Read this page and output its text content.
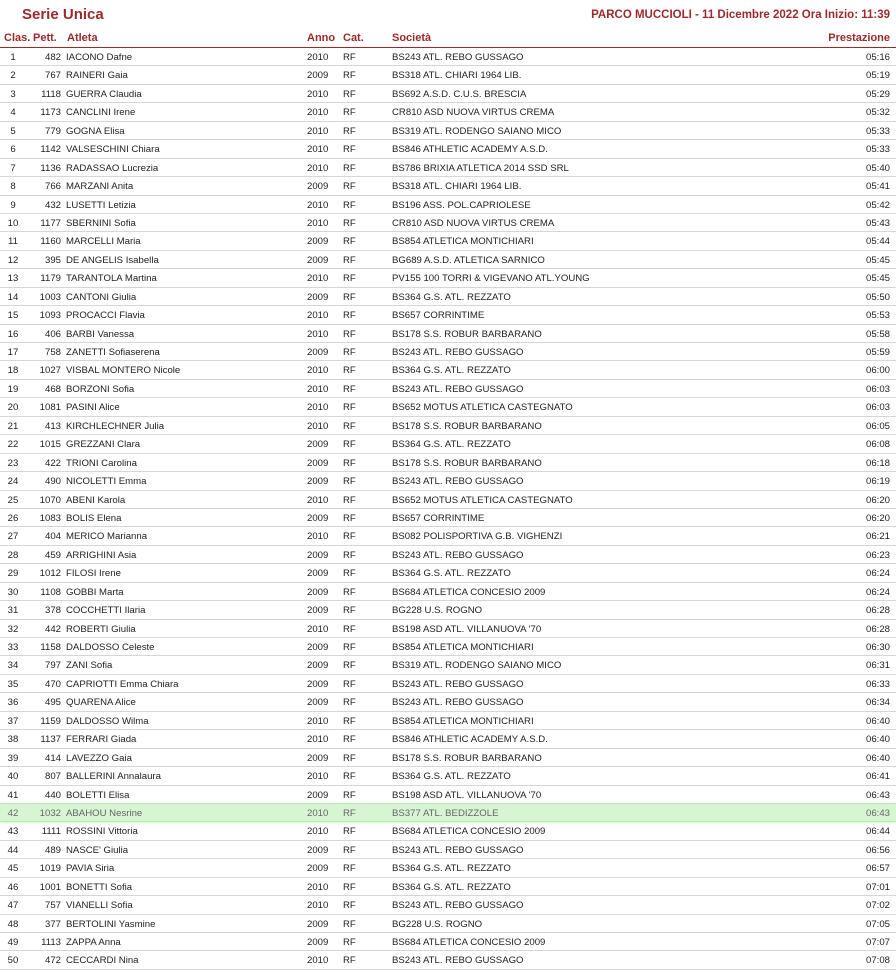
Serie Unica	PARCO MUCCIOLI - 11 Dicembre 2022 Ora Inizio: 11:39
Clas. Pett. Atleta	Anno Cat.	Società	Prestazione
1	482 IACONO Dafne	2010 RF	BS243 ATL. REBO GUSSAGO	05:16
2	767 RAINERI Gaia	2009 RF	BS318 ATL. CHIARI 1964 LIB.	05:19
3	1118 GUERRA Claudia	2010 RF	BS692 A.S.D. C.U.S. BRESCIA	05:29
4	1173 CANCLINI Irene	2010 RF	CR810 ASD NUOVA VIRTUS CREMA	05:32
5	779 GOGNA Elisa	2010 RF	BS319 ATL. RODENGO SAIANO MICO	05:33
6	1142 VALSESCHINI Chiara	2010 RF	BS846 ATHLETIC ACADEMY A.S.D.	05:33
7	1136 RADASSAO Lucrezia	2010 RF	BS786 BRIXIA ATLETICA 2014 SSD SRL	05:40
8	766 MARZANI Anita	2009 RF	BS318 ATL. CHIARI 1964 LIB.	05:41
9	432 LUSETTI Letizia	2010 RF	BS196 ASS. POL.CAPRIOLESE	05:42
10	1177 SBERNINI Sofia	2010 RF	CR810 ASD NUOVA VIRTUS CREMA	05:43
11	1160 MARCELLI Maria	2009 RF	BS854 ATLETICA MONTICHIARI	05:44
12	395 DE ANGELIS Isabella	2009 RF	BG689 A.S.D. ATLETICA SARNICO	05:45
13	1179 TARANTOLA Martina	2010 RF	PV155 100 TORRI & VIGEVANO ATL.YOUNG	05:45
14	1003 CANTONI Giulia	2009 RF	BS364 G.S. ATL. REZZATO	05:50
15	1093 PROCACCI Flavia	2010 RF	BS657 CORRINTIME	05:53
16	406 BARBI Vanessa	2010 RF	BS178 S.S. ROBUR BARBARANO	05:58
17	758 ZANETTI Sofiaserena	2009 RF	BS243 ATL. REBO GUSSAGO	05:59
18	1027 VISBAL MONTERO Nicole	2010 RF	BS364 G.S. ATL. REZZATO	06:00
19	468 BORZONI Sofia	2010 RF	BS243 ATL. REBO GUSSAGO	06:03
20	1081 PASINI Alice	2010 RF	BS652 MOTUS ATLETICA CASTEGNATO	06:03
21	413 KIRCHLECHNER Julia	2010 RF	BS178 S.S. ROBUR BARBARANO	06:05
22	1015 GREZZANI Clara	2009 RF	BS364 G.S. ATL. REZZATO	06:08
23	422 TRIONI Carolina	2009 RF	BS178 S.S. ROBUR BARBARANO	06:18
24	490 NICOLETTI Emma	2009 RF	BS243 ATL. REBO GUSSAGO	06:19
25	1070 ABENI Karola	2010 RF	BS652 MOTUS ATLETICA CASTEGNATO	06:20
26	1083 BOLIS Elena	2009 RF	BS657 CORRINTIME	06:20
27	404 MERICO Marianna	2010 RF	BS082 POLISPORTIVA G.B. VIGHENZI	06:21
28	459 ARRIGHINI Asia	2009 RF	BS243 ATL. REBO GUSSAGO	06:23
29	1012 FILOSI Irene	2009 RF	BS364 G.S. ATL. REZZATO	06:24
30	1108 GOBBI Marta	2009 RF	BS684 ATLETICA CONCESIO 2009	06:24
31	378 COCCHETTI Ilaria	2009 RF	BG228 U.S. ROGNO	06:28
32	442 ROBERTI Giulia	2010 RF	BS198 ASD ATL. VILLANUOVA '70	06:28
33	1158 DALDOSSO Celeste	2009 RF	BS854 ATLETICA MONTICHIARI	06:30
34	797 ZANI Sofia	2009 RF	BS319 ATL. RODENGO SAIANO MICO	06:31
35	470 CAPRIOTTI Emma Chiara	2009 RF	BS243 ATL. REBO GUSSAGO	06:33
36	495 QUARENA Alice	2009 RF	BS243 ATL. REBO GUSSAGO	06:34
37	1159 DALDOSSO Wilma	2010 RF	BS854 ATLETICA MONTICHIARI	06:40
38	1137 FERRARI Giada	2010 RF	BS846 ATHLETIC ACADEMY A.S.D.	06:40
39	414 LAVEZZO Gaia	2009 RF	BS178 S.S. ROBUR BARBARANO	06:40
40	807 BALLERINI Annalaura	2010 RF	BS364 G.S. ATL. REZZATO	06:41
41	440 BOLETTI Elisa	2009 RF	BS198 ASD ATL. VILLANUOVA '70	06:43
42	1032 ABAHOU Nesrine	2010 RF	BS377 ATL. BEDIZZOLE	06:43
43	1111 ROSSINI Vittoria	2010 RF	BS684 ATLETICA CONCESIO 2009	06:44
44	489 NASCE' Giulia	2009 RF	BS243 ATL. REBO GUSSAGO	06:56
45	1019 PAVIA Siria	2009 RF	BS364 G.S. ATL. REZZATO	06:57
46	1001 BONETTI Sofia	2010 RF	BS364 G.S. ATL. REZZATO	07:01
47	757 VIANELLI Sofia	2010 RF	BS243 ATL. REBO GUSSAGO	07:02
48	377 BERTOLINI Yasmine	2009 RF	BG228 U.S. ROGNO	07:05
49	1113 ZAPPA Anna	2009 RF	BS684 ATLETICA CONCESIO 2009	07:07
50	472 CECCARDI Nina	2010 RF	BS243 ATL. REBO GUSSAGO	07:08
